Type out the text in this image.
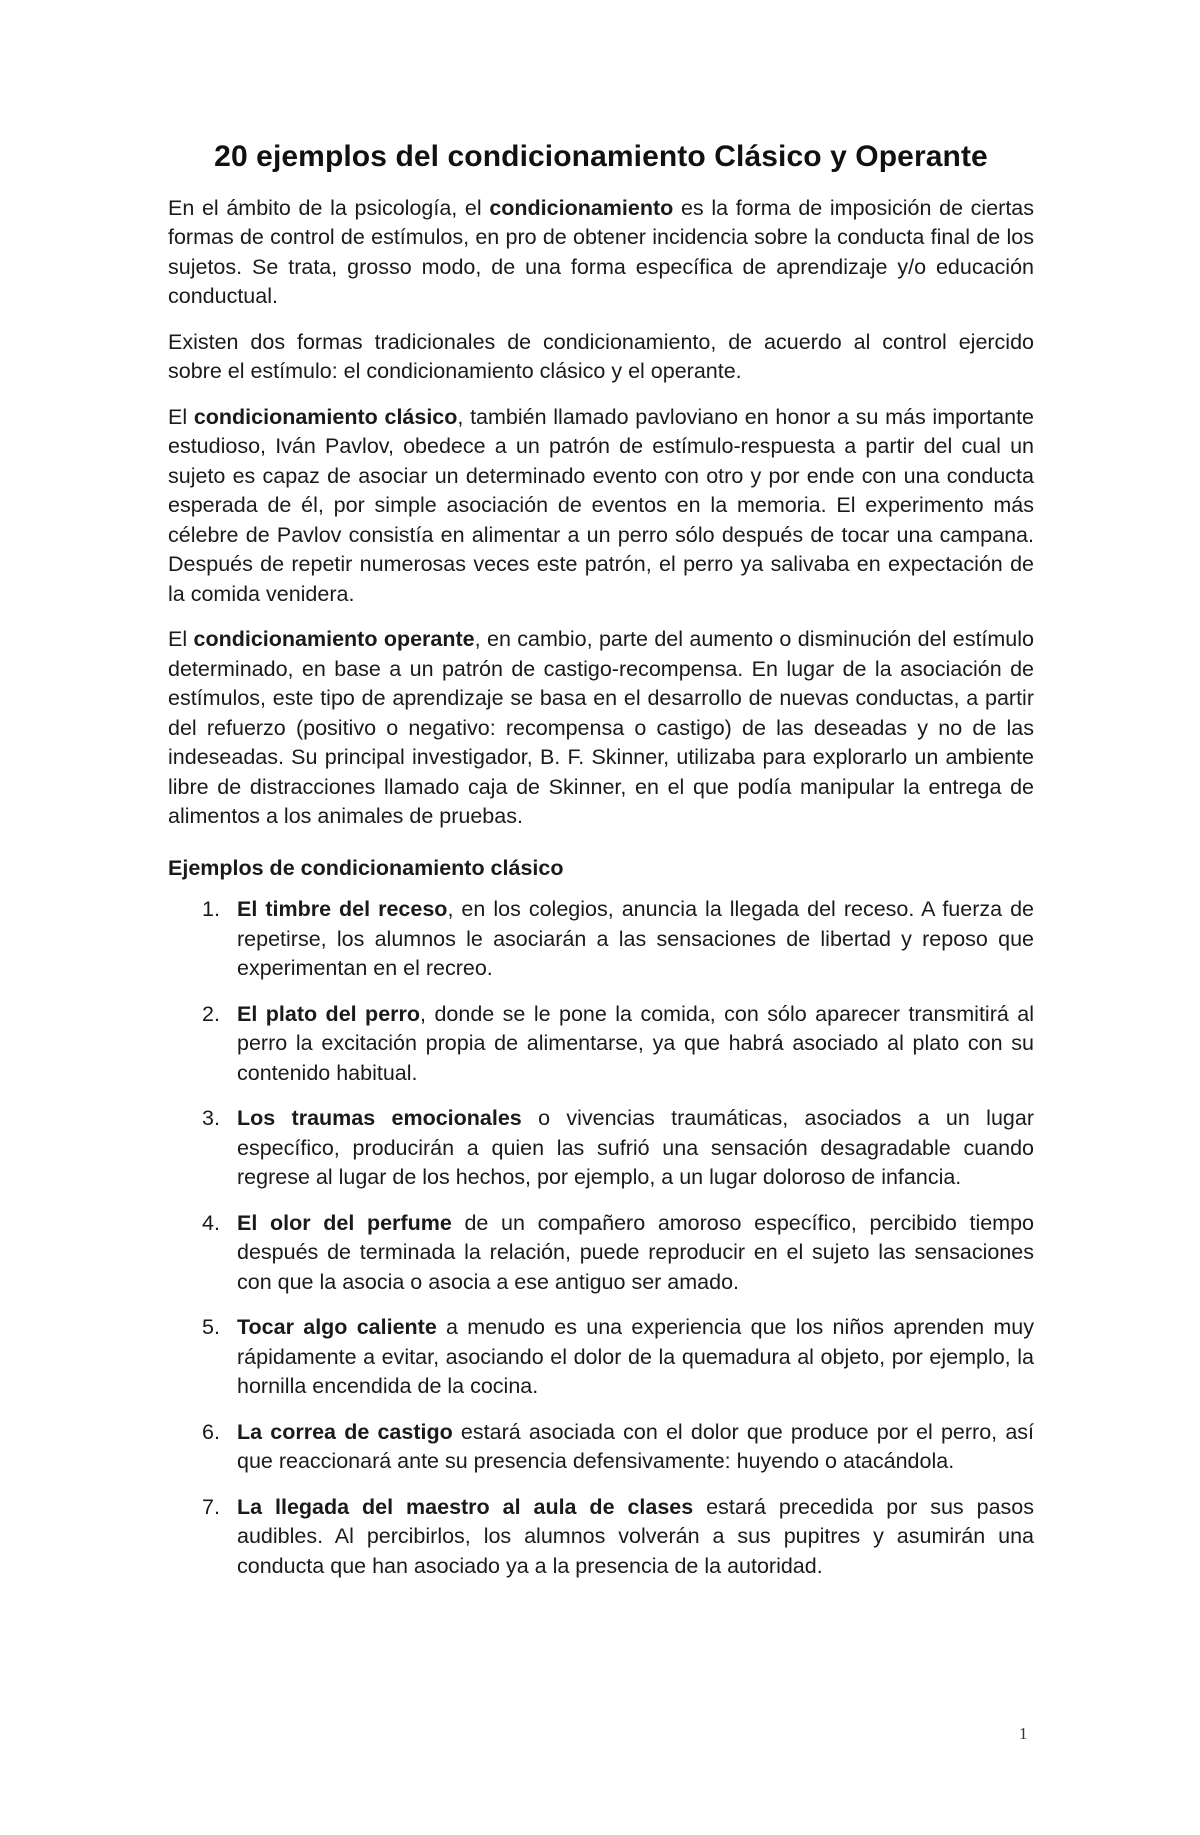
20 ejemplos del condicionamiento Clásico y Operante

En el ámbito de la psicología, el condicionamiento es la forma de imposición de ciertas formas de control de estímulos, en pro de obtener incidencia sobre la conducta final de los sujetos. Se trata, grosso modo, de una forma específica de aprendizaje y/o educación conductual.

Existen dos formas tradicionales de condicionamiento, de acuerdo al control ejercido sobre el estímulo: el condicionamiento clásico y el operante.

El condicionamiento clásico, también llamado pavloviano en honor a su más importante estudioso, Iván Pavlov, obedece a un patrón de estímulo-respuesta a partir del cual un sujeto es capaz de asociar un determinado evento con otro y por ende con una conducta esperada de él, por simple asociación de eventos en la memoria. El experimento más célebre de Pavlov consistía en alimentar a un perro sólo después de tocar una campana. Después de repetir numerosas veces este patrón, el perro ya salivaba en expectación de la comida venidera.

El condicionamiento operante, en cambio, parte del aumento o disminución del estímulo determinado, en base a un patrón de castigo-recompensa. En lugar de la asociación de estímulos, este tipo de aprendizaje se basa en el desarrollo de nuevas conductas, a partir del refuerzo (positivo o negativo: recompensa o castigo) de las deseadas y no de las indeseadas. Su principal investigador, B. F. Skinner, utilizaba para explorarlo un ambiente libre de distracciones llamado caja de Skinner, en el que podía manipular la entrega de alimentos a los animales de pruebas.

Ejemplos de condicionamiento clásico
1. El timbre del receso, en los colegios, anuncia la llegada del receso. A fuerza de repetirse, los alumnos le asociarán a las sensaciones de libertad y reposo que experimentan en el recreo.
2. El plato del perro, donde se le pone la comida, con sólo aparecer transmitirá al perro la excitación propia de alimentarse, ya que habrá asociado al plato con su contenido habitual.
3. Los traumas emocionales o vivencias traumáticas, asociados a un lugar específico, producirán a quien las sufrió una sensación desagradable cuando regrese al lugar de los hechos, por ejemplo, a un lugar doloroso de infancia.
4. El olor del perfume de un compañero amoroso específico, percibido tiempo después de terminada la relación, puede reproducir en el sujeto las sensaciones con que la asocia o asocia a ese antiguo ser amado.
5. Tocar algo caliente a menudo es una experiencia que los niños aprenden muy rápidamente a evitar, asociando el dolor de la quemadura al objeto, por ejemplo, la hornilla encendida de la cocina.
6. La correa de castigo estará asociada con el dolor que produce por el perro, así que reaccionará ante su presencia defensivamente: huyendo o atacándola.
7. La llegada del maestro al aula de clases estará precedida por sus pasos audibles. Al percibirlos, los alumnos volverán a sus pupitres y asumirán una conducta que han asociado ya a la presencia de la autoridad.
1
